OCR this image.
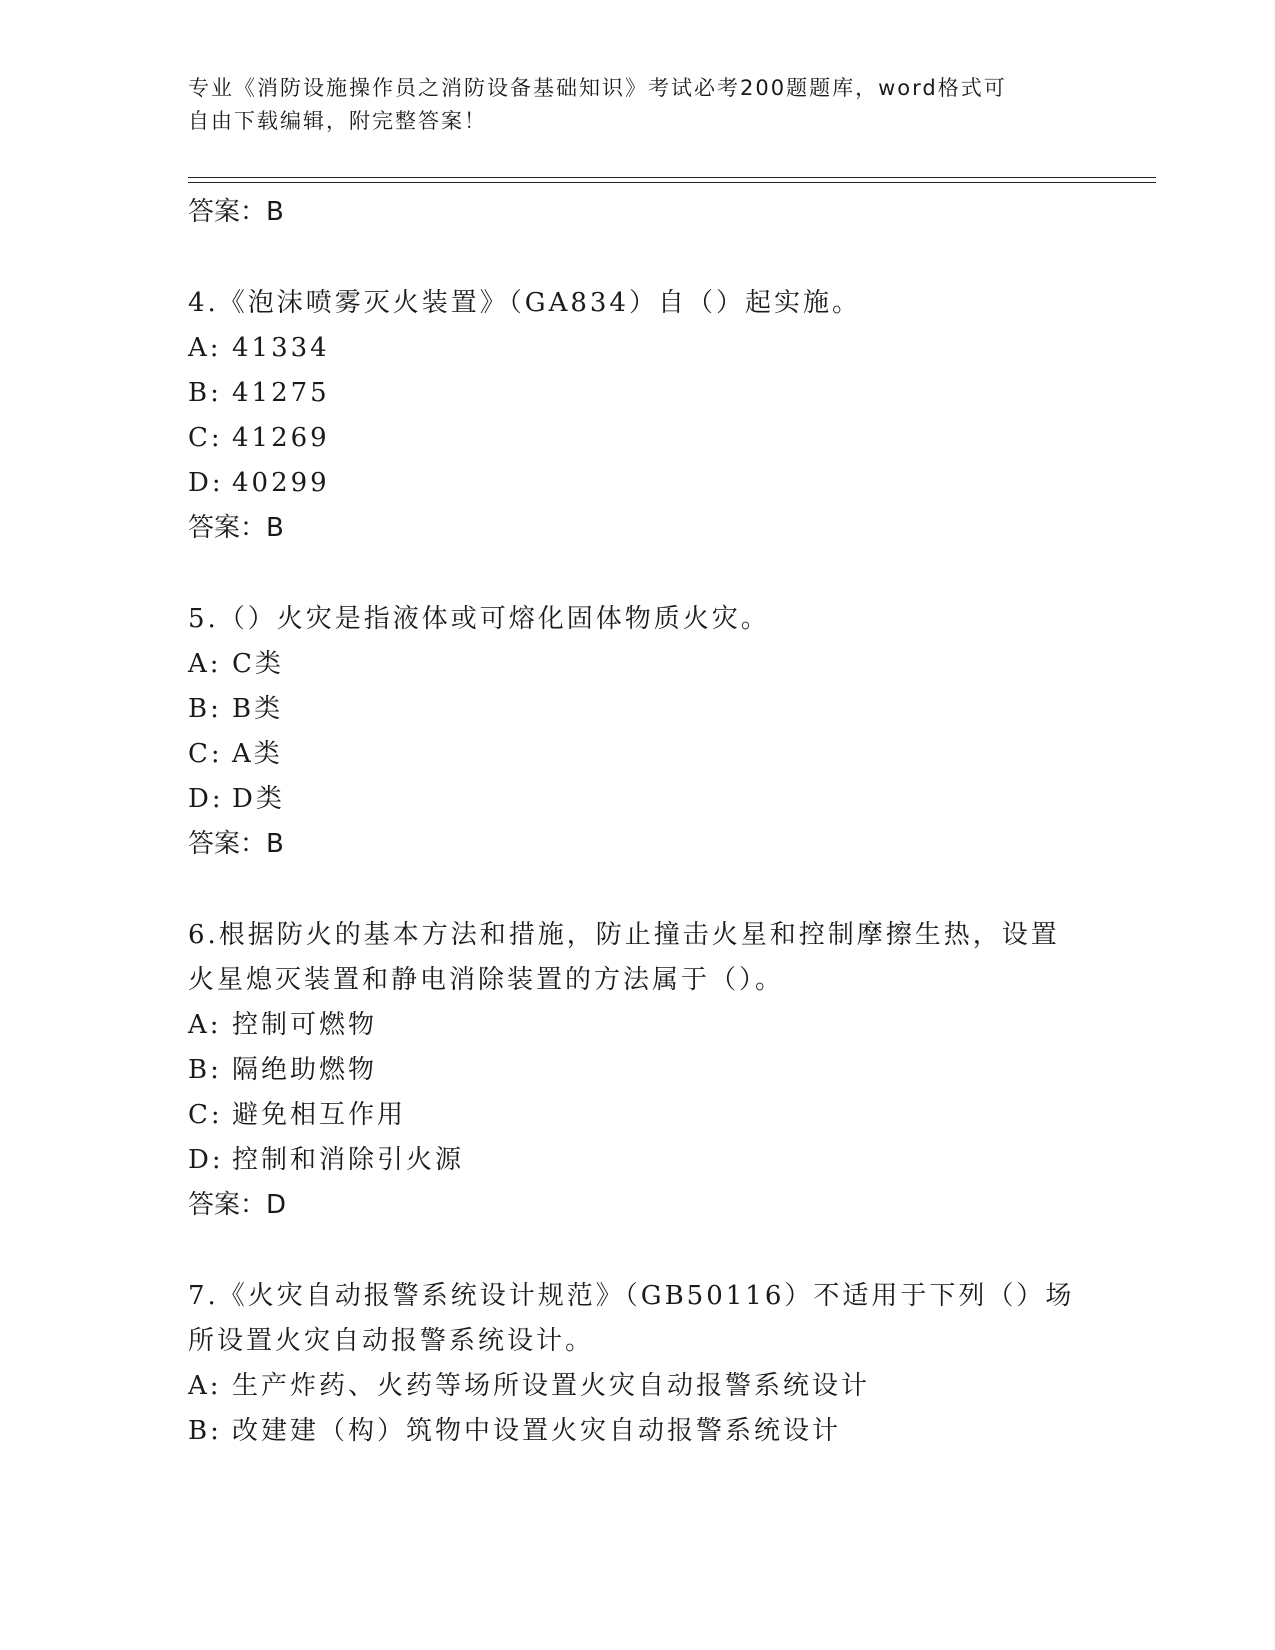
专业《消防设施操作员之消防设备基础知识》考试必考200题题库，word格式可

自由下载编辑，附完整答案！

答案：B

4.《泡沫喷雾灭火装置》（GA834）自（）起实施。

A: 41334

B: 41275

C: 41269

D: 40299

答案：B

5.（）火灾是指液体或可熔化固体物质火灾。

A: C类

B: B类

C: A类

D: D类

答案：B

6.根据防火的基本方法和措施，防止撞击火星和控制摩擦生热，设置火星熄灭装置和静电消除装置的方法属于（）。

A: 控制可燃物

B: 隔绝助燃物

C: 避免相互作用

D: 控制和消除引火源

答案：D

7.《火灾自动报警系统设计规范》（GB50116）不适用于下列（）场所设置火灾自动报警系统设计。

A: 生产炸药、火药等场所设置火灾自动报警系统设计

B: 改建建（构）筑物中设置火灾自动报警系统设计
